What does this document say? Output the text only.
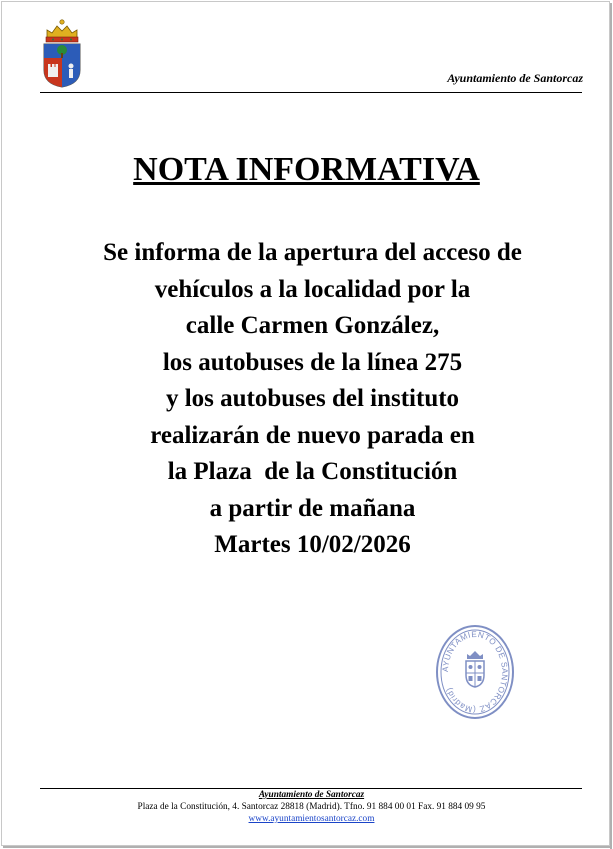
Ayuntamiento de Santorcaz
NOTA INFORMATIVA
Se informa de la apertura del acceso de
vehículos a la localidad por la
calle Carmen González,
los autobuses de la línea 275
y los autobuses del instituto
realizarán de nuevo parada en
la Plaza  de la Constitución
a partir de mañana
Martes 10/02/2026
AYUNTAMIENTO DE SANTORCAZ (Madrid)
Ayuntamiento de Santorcaz
Plaza de la Constitución, 4. Santorcaz 28818 (Madrid). Tfno. 91 884 00 01 Fax. 91 884 09 95
www.ayuntamientosantorcaz.com
